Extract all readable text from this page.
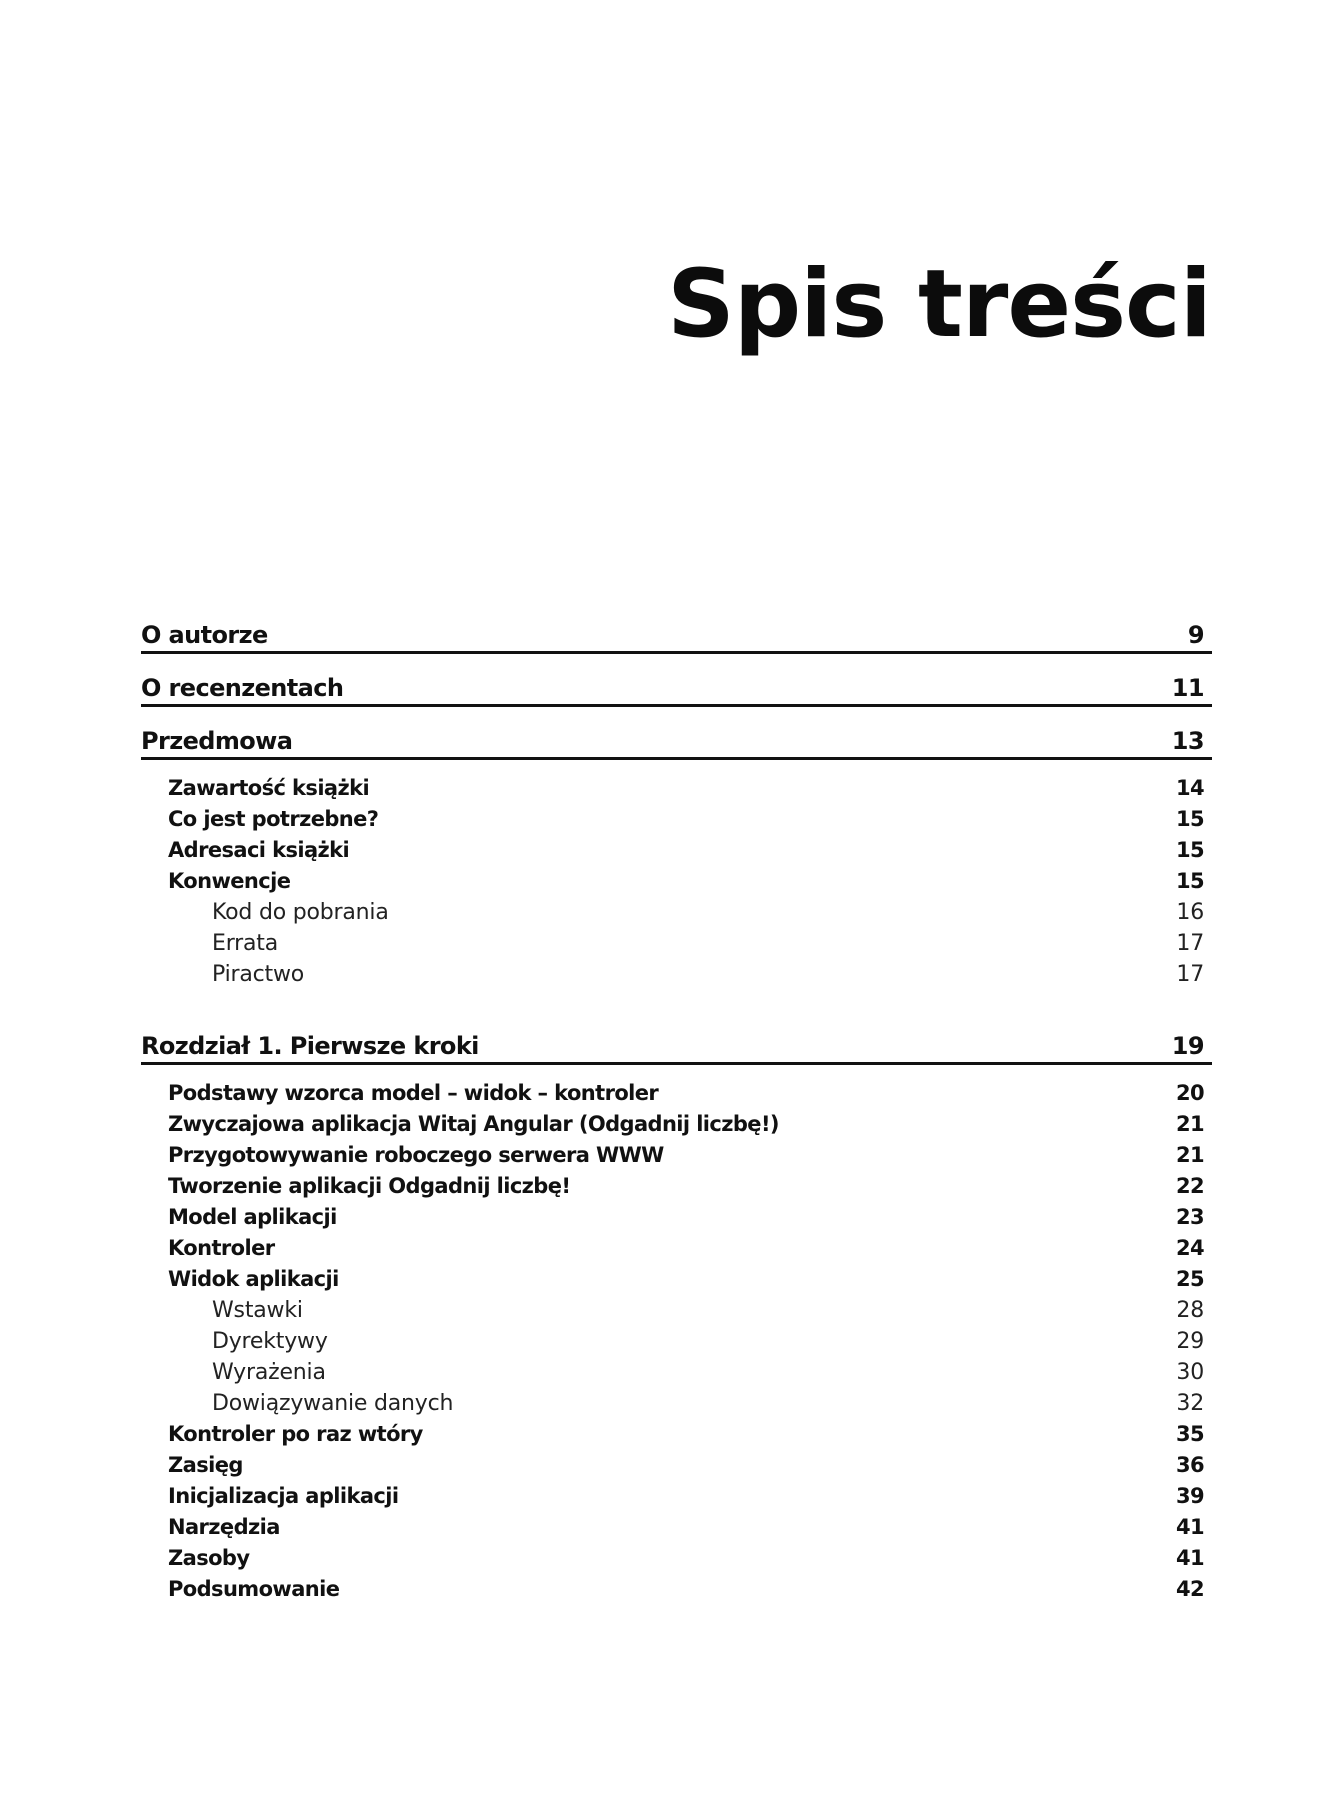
Spis treści
O autorze	9
O recenzentach	11
Przedmowa	13
Zawartość książki	14
Co jest potrzebne?	15
Adresaci książki	15
Konwencje	15
Kod do pobrania	16
Errata	17
Piractwo	17
Rozdział 1. Pierwsze kroki	19
Podstawy wzorca model – widok – kontroler	20
Zwyczajowa aplikacja Witaj Angular (Odgadnij liczbę!)	21
Przygotowywanie roboczego serwera WWW	21
Tworzenie aplikacji Odgadnij liczbę!	22
Model aplikacji	23
Kontroler	24
Widok aplikacji	25
Wstawki	28
Dyrektywy	29
Wyrażenia	30
Dowiązywanie danych	32
Kontroler po raz wtóry	35
Zasięg	36
Inicjalizacja aplikacji	39
Narzędzia	41
Zasoby	41
Podsumowanie	42
